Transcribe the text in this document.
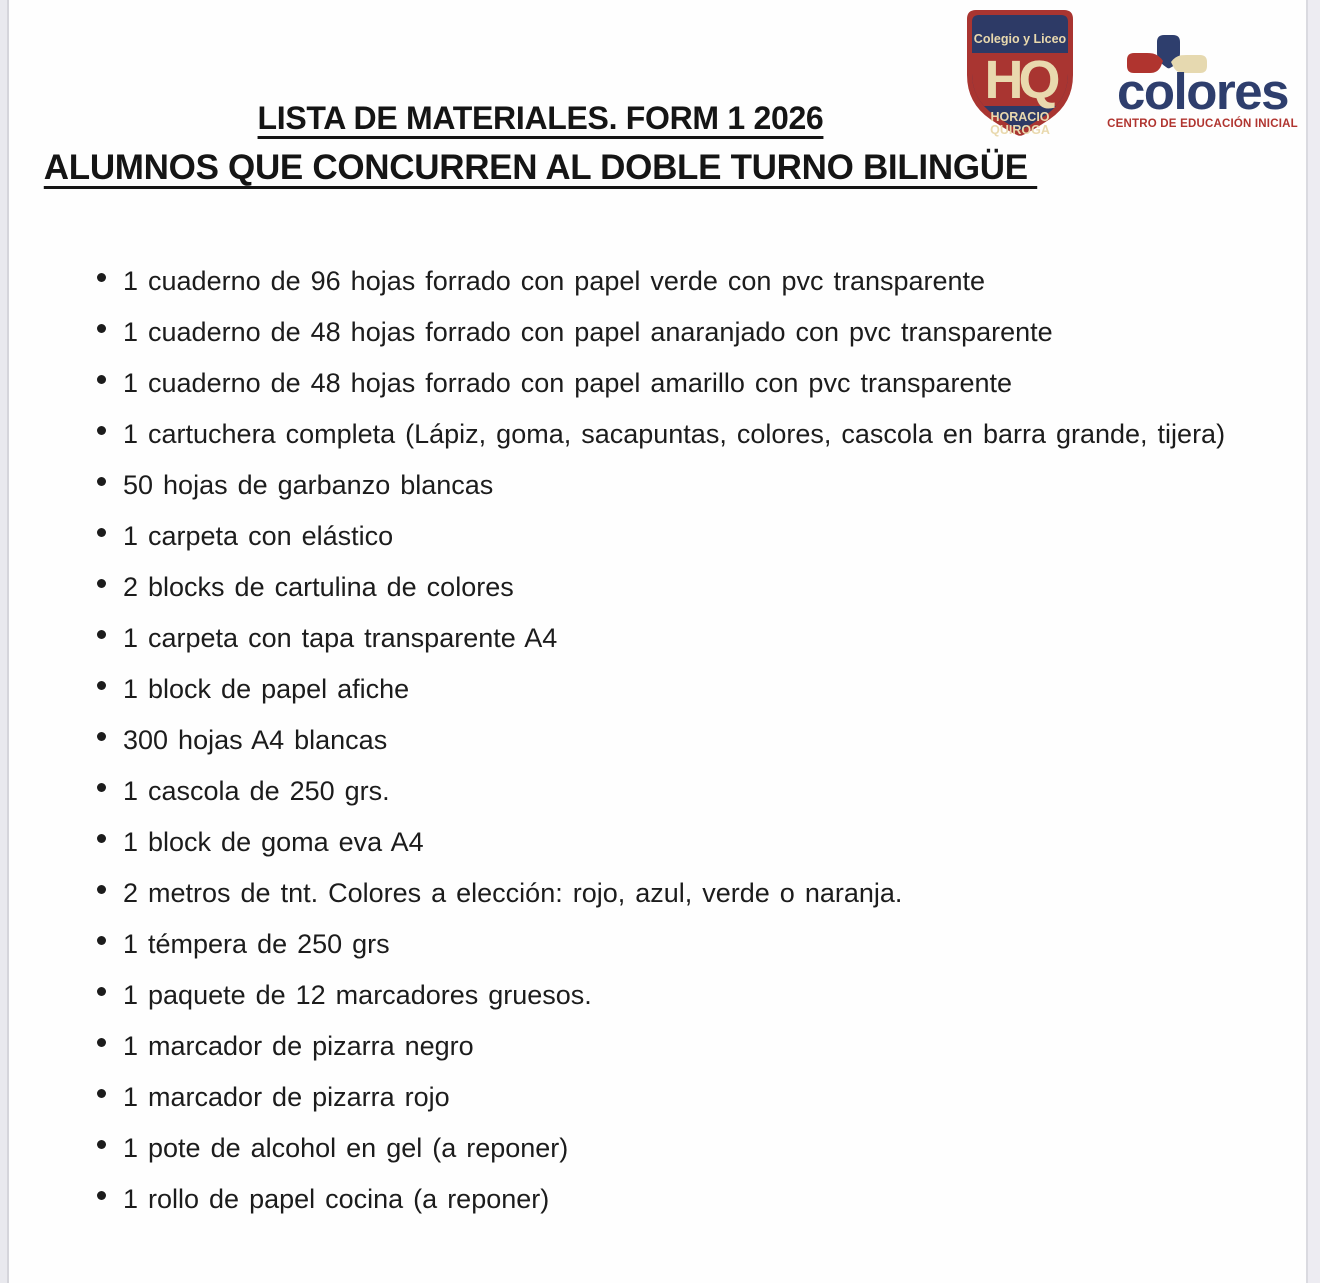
LISTA DE MATERIALES. FORM 1 2026
ALUMNOS QUE CONCURREN AL DOBLE TURNO BILINGÜE
Colegio y Liceo
HQ
HORACIO
QUIROGA
colores
CENTRO DE EDUCACIÓN INICIAL
1 cuaderno de 96 hojas forrado con papel verde con pvc transparente
1 cuaderno de 48 hojas forrado con papel anaranjado con pvc transparente
1 cuaderno de 48 hojas forrado con papel amarillo con pvc transparente
1 cartuchera completa (Lápiz, goma, sacapuntas, colores, cascola en barra grande, tijera)
50 hojas de garbanzo blancas
1 carpeta con elástico
2 blocks de cartulina de colores
1 carpeta con tapa transparente A4
1 block de papel afiche
300 hojas A4 blancas
1 cascola de 250 grs.
1 block de goma eva A4
2 metros de tnt. Colores a elección: rojo, azul, verde o naranja.
1 témpera de 250 grs
1 paquete de 12 marcadores gruesos.
1 marcador de pizarra negro
1 marcador de pizarra rojo
1 pote de alcohol en gel (a reponer)
1 rollo de papel cocina (a reponer)
